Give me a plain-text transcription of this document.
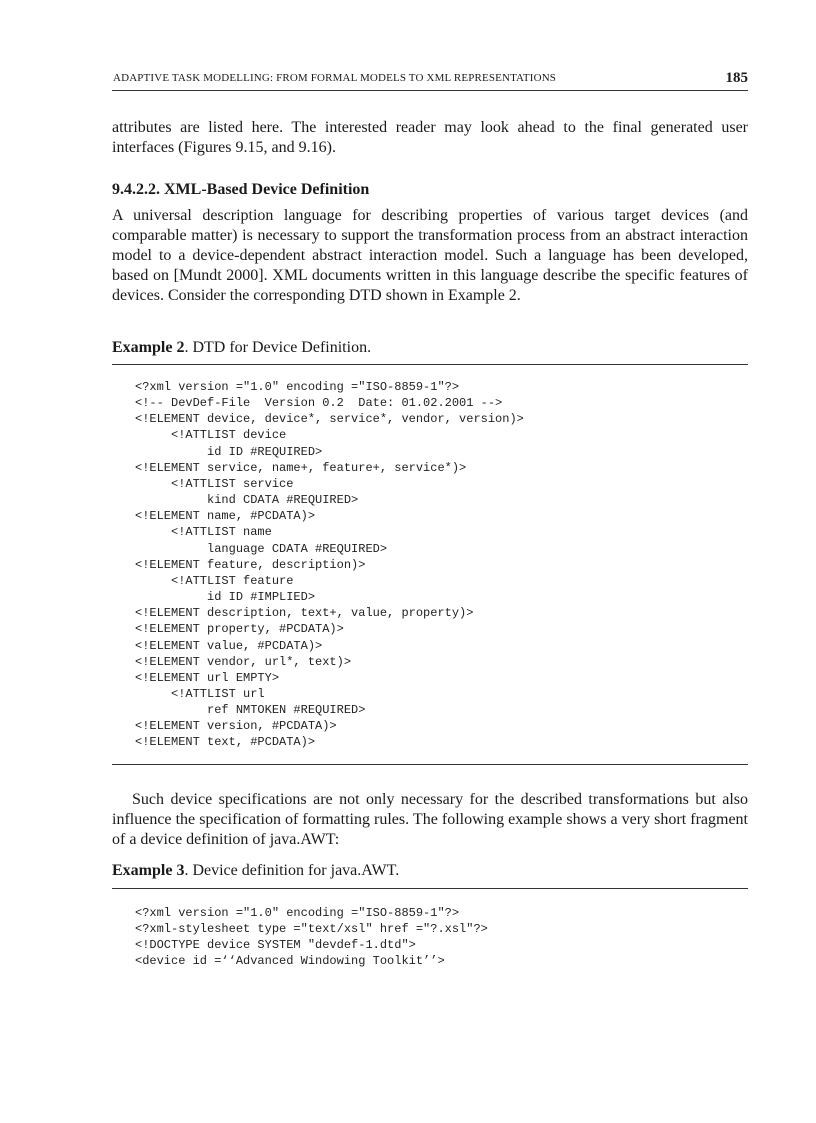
ADAPTIVE TASK MODELLING: FROM FORMAL MODELS TO XML REPRESENTATIONS	185

attributes are listed here. The interested reader may look ahead to the final generated user interfaces (Figures 9.15, and 9.16).

9.4.2.2. XML-Based Device Definition

A universal description language for describing properties of various target devices (and comparable matter) is necessary to support the transformation process from an abstract interaction model to a device-dependent abstract interaction model. Such a language has been developed, based on [Mundt 2000]. XML documents written in this language describe the specific features of devices. Consider the corresponding DTD shown in Example 2.

Example 2. DTD for Device Definition.

<?xml version ="1.0" encoding ="ISO-8859-1"?>
<!-- DevDef-File  Version 0.2  Date: 01.02.2001 -->
<!ELEMENT device, device*, service*, vendor, version)>
<!ATTLIST device
id ID #REQUIRED>
<!ELEMENT service, name+, feature+, service*)>
<!ATTLIST service
kind CDATA #REQUIRED>
<!ELEMENT name, #PCDATA)>
<!ATTLIST name
language CDATA #REQUIRED>
<!ELEMENT feature, description)>
<!ATTLIST feature
id ID #IMPLIED>
<!ELEMENT description, text+, value, property)>
<!ELEMENT property, #PCDATA)>
<!ELEMENT value, #PCDATA)>
<!ELEMENT vendor, url*, text)>
<!ELEMENT url EMPTY>
<!ATTLIST url
ref NMTOKEN #REQUIRED>
<!ELEMENT version, #PCDATA)>
<!ELEMENT text, #PCDATA)>

Such device specifications are not only necessary for the described transformations but also influence the specification of formatting rules. The following example shows a very short fragment of a device definition of java.AWT:

Example 3. Device definition for java.AWT.

<?xml version ="1.0" encoding ="ISO-8859-1"?>
<?xml-stylesheet type ="text/xsl" href ="?.xsl"?>
<!DOCTYPE device SYSTEM "devdef-1.dtd">
<device id =‘‘Advanced Windowing Toolkit’’>
